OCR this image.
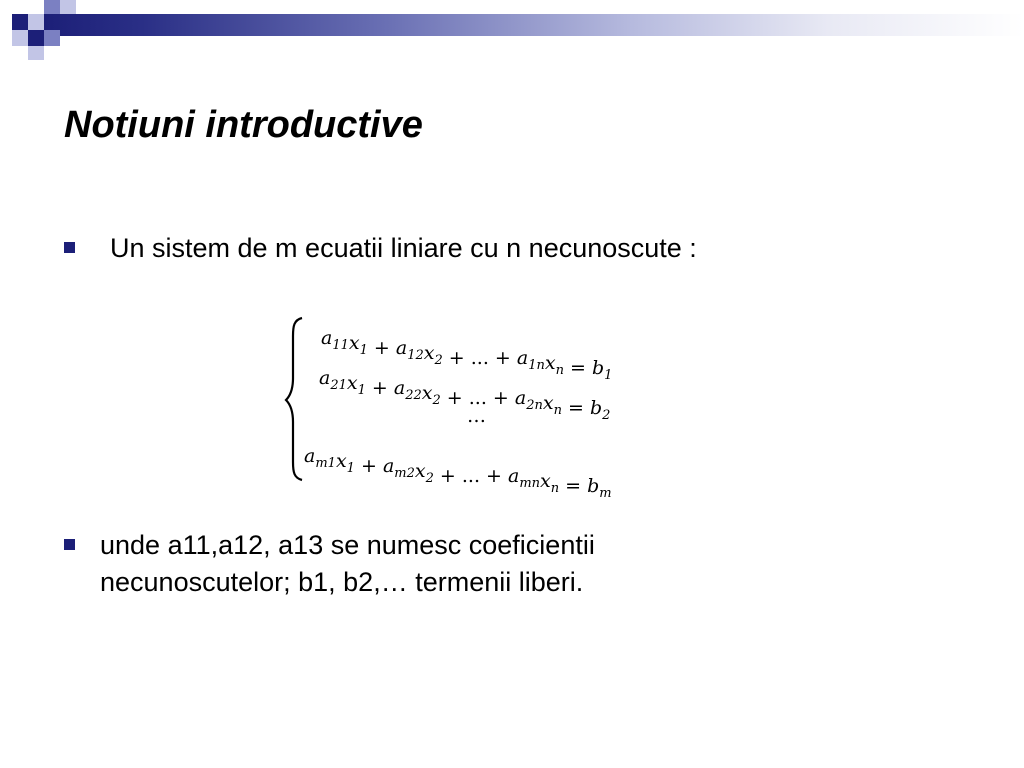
Notiuni introductive
Un sistem de m ecuatii liniare cu n necunoscute :
$a_{11}x_1 + a_{12}x_2$ + ... + $a_{1n}x_n = b_1$
$a_{21}x_1 + a_{22}x_2$ + ... + $a_{2n}x_n = b_2$
…
$a_{m1}x_1 + a_{m2}x_2$ + ... + $a_{mn}x_n = b_m$
unde a11,a12, a13 se numesc coeficientii
necunoscutelor; b1, b2,… termenii liberi.
